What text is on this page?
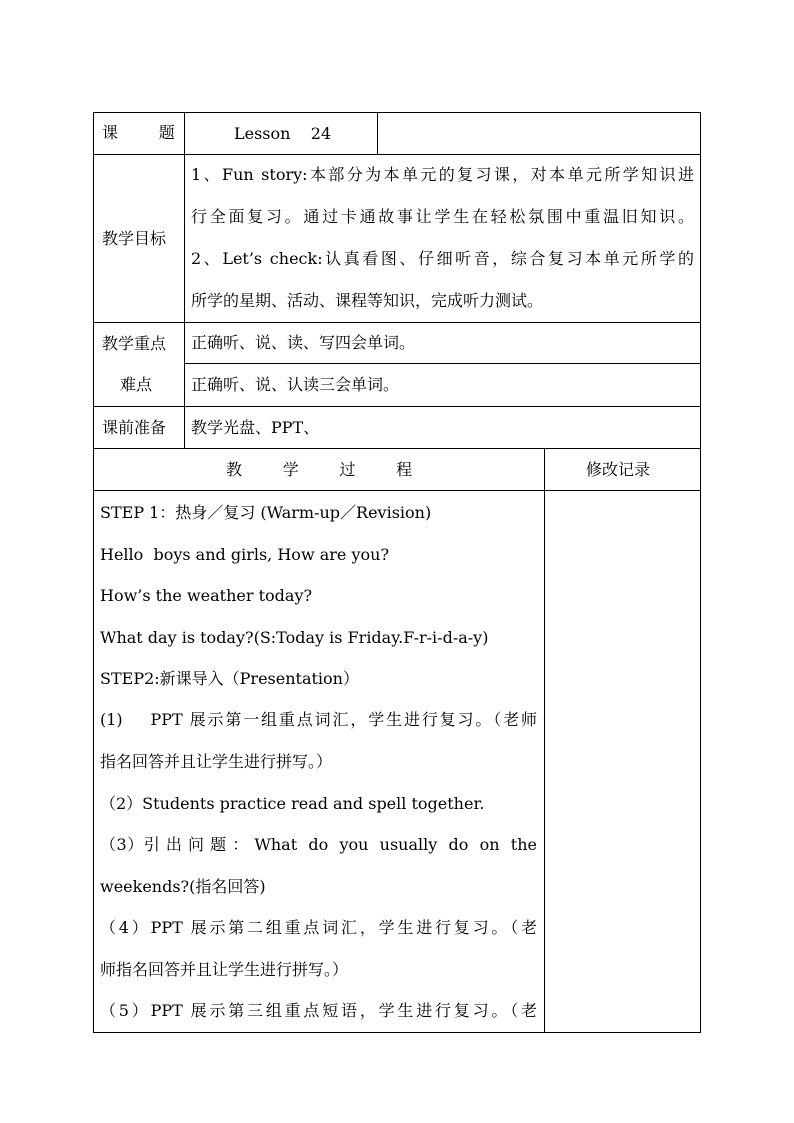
课        题	Lesson    24
教学目标
1、Fun story:本部分为本单元的复习课，对本单元所学知识进
行全面复习。通过卡通故事让学生在轻松氛围中重温旧知识。
2、Let’s check:认真看图、仔细听音，综合复习本单元所学的
所学的星期、活动、课程等知识，完成听力测试。
教学重点
难点
正确听、说、读、写四会单词。
正确听、说、认读三会单词。
课前准备 教学光盘、PPT、
教        学        过        程	修改记录
STEP 1：热身／复习 (Warm-up／Revision)
Hello  boys and girls, How are you?
How’s the weather today?
What day is today?(S:Today is Friday.F-r-i-d-a-y)
STEP2:新课导入（Presentation）
(1)    PPT 展示第一组重点词汇，学生进行复习。（老师
指名回答并且让学生进行拼写。）
（2）Students practice read and spell together.
（3）引 出 问 题 ： What  do  you  usually  do  on  the
weekends?(指名回答)
（4）PPT 展示第二组重点词汇，学生进行复习。（老
师指名回答并且让学生进行拼写。）
（5）PPT 展示第三组重点短语，学生进行复习。（老
